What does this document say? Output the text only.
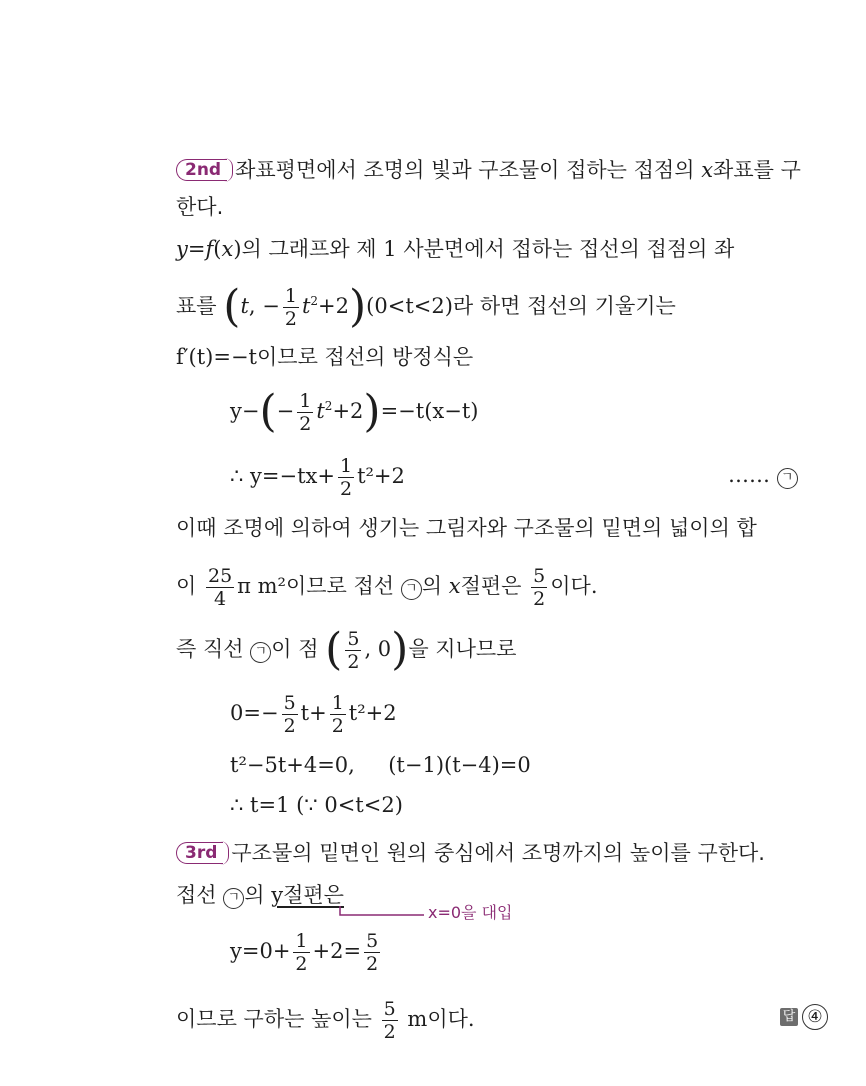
2nd 좌표평면에서 조명의 빛과 구조물이 접하는 접점의 x좌표를 구
한다.
y=f(x)의 그래프와 제 1 사분면에서 접하는 접선의 접점의 좌
표를 (t, − $\frac{1}{2} t^2+2)(0<t<2)$라 하면 접선의 기울기는
f′(t)=−t이므로 접선의 방정식은
$y-(- \frac{1}{2} t^2+2)=-t(x-t)$
∴ $y=-tx+ \frac{1}{2} t^2+2$	…… ㄱ
이때 조명에 의하여 생기는 그림자와 구조물의 밑면의 넓이의 합
이 $\frac{25}{4}$ π m²이므로 접선 ㄱ 의 x절편은 $\frac{5}{2}$ 이다.
즉 직선 ㄱ 이 점 ( $\frac{5}{2}$ , 0)을 지나므로
$0=- \frac{5}{2} t+ \frac{1}{2} t^2+2$
t²−5t+4=0, (t−1)(t−4)=0
∴ t=1 (∵ 0<t<2)
3rd 구조물의 밑면인 원의 중심에서 조명까지의 높이를 구한다.
접선 ㄱ 의 y절편은
x=0을 대입
$y=0+ \frac{1}{2} +2= \frac{5}{2}$
이므로 구하는 높이는 $\frac{5}{2}$ m이다.	답 ④
